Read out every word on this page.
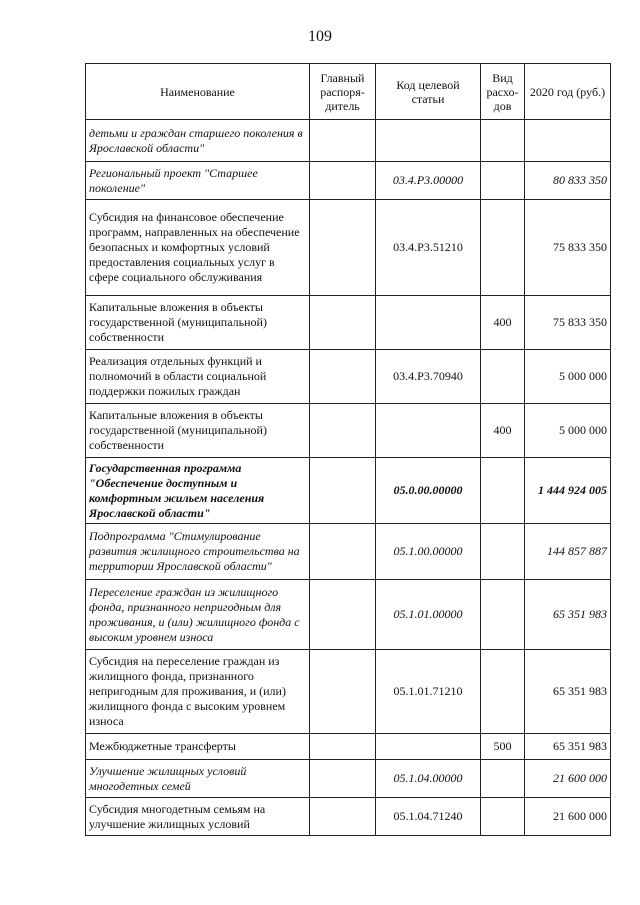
109
Наименование	Главный распоря-дитель	Код целевой статьи	Вид расхо-дов	2020 год (руб.)
детьми и граждан старшего поколения в Ярославской области"				
Региональный проект "Старшее поколение"		03.4.P3.00000		80 833 350
Субсидия на финансовое обеспечение программ, направленных на обеспечение безопасных и комфортных условий предоставления социальных услуг в сфере социального обслуживания		03.4.P3.51210		75 833 350
Капитальные вложения в объекты государственной (муниципальной) собственности			400	75 833 350
Реализация отдельных функций и полномочий в области социальной поддержки пожилых граждан		03.4.P3.70940		5 000 000
Капитальные вложения в объекты государственной (муниципальной) собственности			400	5 000 000
Государственная программа "Обеспечение доступным и комфортным жильем населения Ярославской области"		05.0.00.00000		1 444 924 005
Подпрограмма "Стимулирование развития жилищного строительства на территории Ярославской области"		05.1.00.00000		144 857 887
Переселение граждан из жилищного фонда, признанного непригодным для проживания, и (или) жилищного фонда с высоким уровнем износа		05.1.01.00000		65 351 983
Субсидия на переселение граждан из жилищного фонда, признанного непригодным для проживания, и (или) жилищного фонда с высоким уровнем износа		05.1.01.71210		65 351 983
Межбюджетные трансферты			500	65 351 983
Улучшение жилищных условий многодетных семей		05.1.04.00000		21 600 000
Субсидия многодетным семьям на улучшение жилищных условий		05.1.04.71240		21 600 000
